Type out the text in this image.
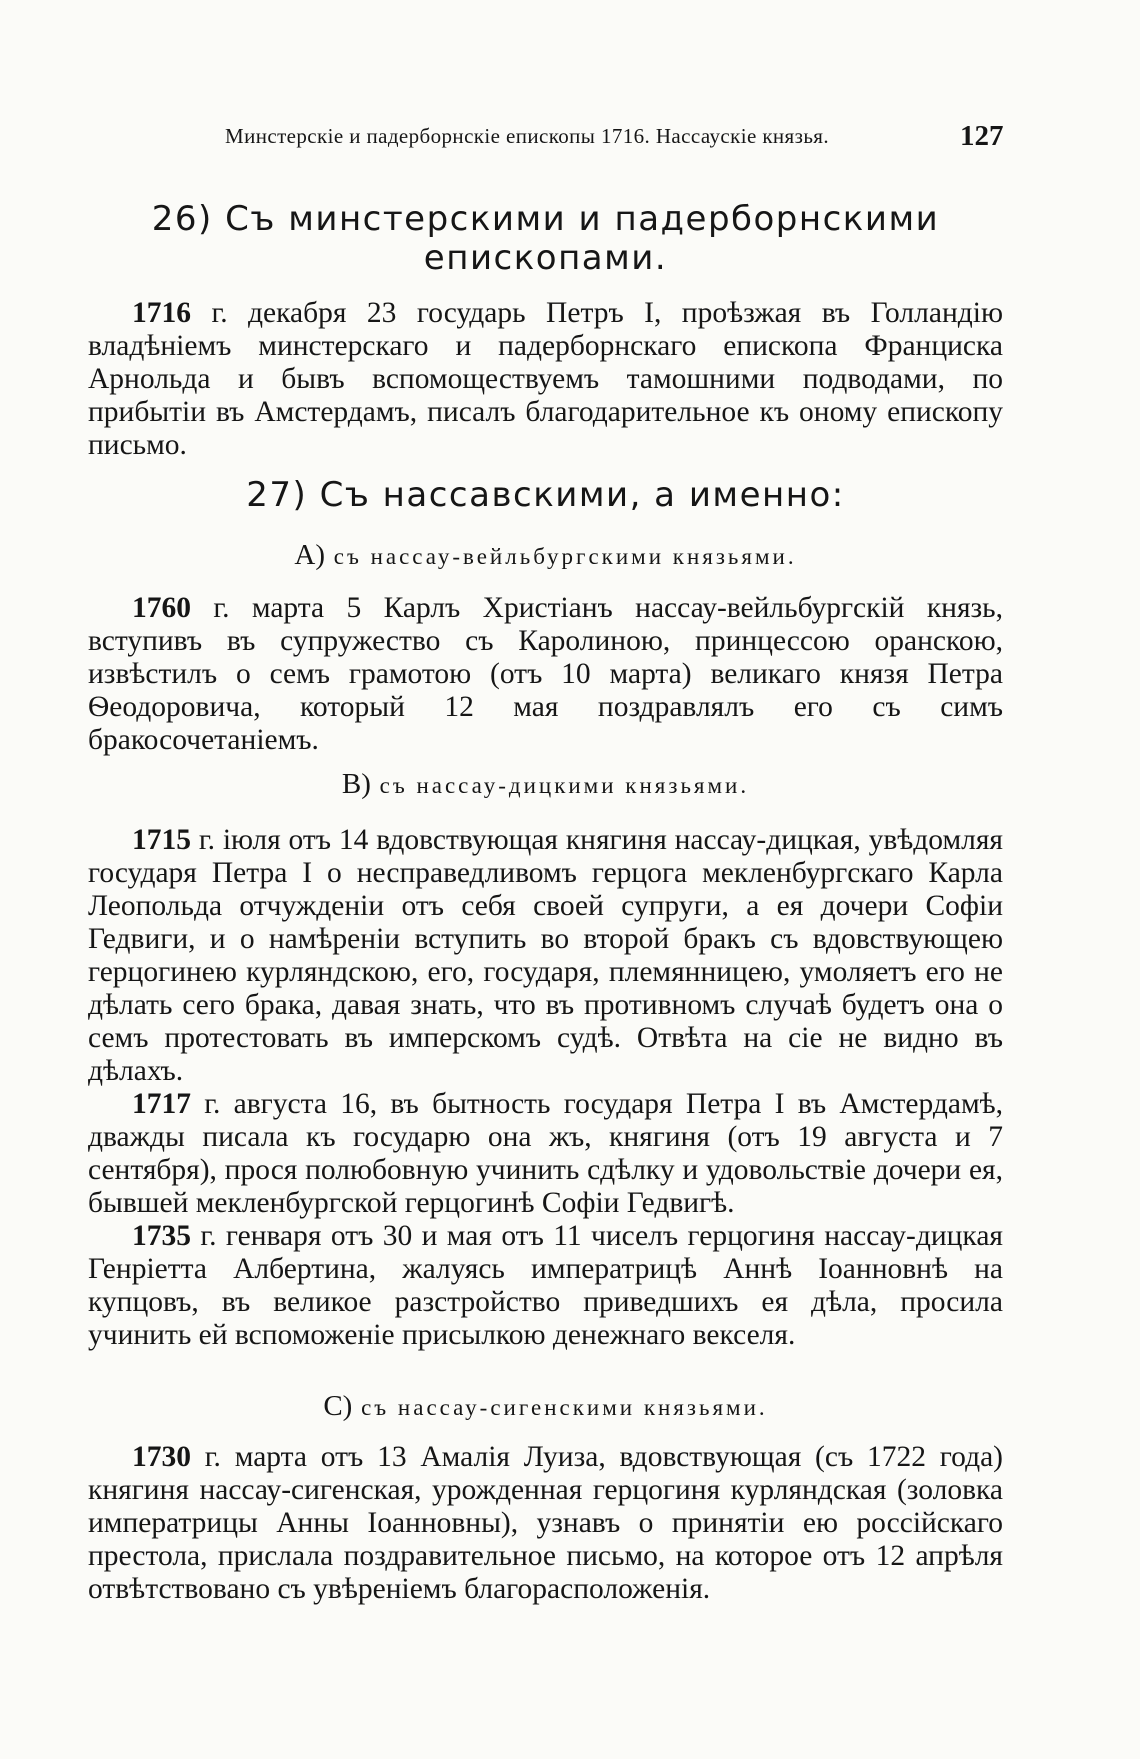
Минстерскіе и падерборнскіе епископы 1716. Нассаускіе князья.	127
26) Съ минстерскими и падерборнскими епископами.

1716 г. декабря 23 государь Петръ I, проѣзжая въ Голландію владѣніемъ минстерскаго и падерборнскаго епископа Франциска Арнольда и бывъ вспомоществуемъ тамошними подводами, по прибытіи въ Амстердамъ, писалъ благодарительное къ оному епископу письмо.

27) Съ нассавскими, а именно:
A) съ нассау-вейльбургскими князьями.

1760 г. марта 5 Карлъ Христіанъ нассау-вейльбургскій князь, вступивъ въ супружество съ Каролиною, принцессою оранскою, извѣстилъ о семъ грамотою (отъ 10 марта) великаго князя Петра Ѳеодоровича, который 12 мая поздравлялъ его съ симъ бракосочетаніемъ.

B) съ нассау-дицкими князьями.

1715 г. іюля отъ 14 вдовствующая княгиня нассау-дицкая, увѣдомляя государя Петра I о несправедливомъ герцога мекленбургскаго Карла Леопольда отчужденіи отъ себя своей супруги, а ея дочери Софіи Гедвиги, и о намѣреніи вступить во второй бракъ съ вдовствующею герцогинею курляндскою, его, государя, племянницею, умоляетъ его не дѣлать сего брака, давая знать, что въ противномъ случаѣ будетъ она о семъ протестовать въ имперскомъ судѣ. Отвѣта на сіе не видно въ дѣлахъ.

1717 г. августа 16, въ бытность государя Петра I въ Амстердамѣ, дважды писала къ государю она жъ, княгиня (отъ 19 августа и 7 сентября), прося полюбовную учинить сдѣлку и удовольствіе дочери ея, бывшей мекленбургской герцогинѣ Софіи Гедвигѣ.

1735 г. генваря отъ 30 и мая отъ 11 чиселъ герцогиня нассау-дицкая Генріетта Албертина, жалуясь императрицѣ Аннѣ Іоанновнѣ на купцовъ, въ великое разстройство приведшихъ ея дѣла, просила учинить ей вспоможеніе присылкою денежнаго векселя.

C) съ нассау-сигенскими князьями.

1730 г. марта отъ 13 Амалія Луиза, вдовствующая (съ 1722 года) княгиня нассау-сигенская, урожденная герцогиня курляндская (золовка императрицы Анны Іоанновны), узнавъ о принятіи ею россійскаго престола, прислала поздравительное письмо, на которое отъ 12 апрѣля отвѣтствовано съ увѣреніемъ благорасположенія.
